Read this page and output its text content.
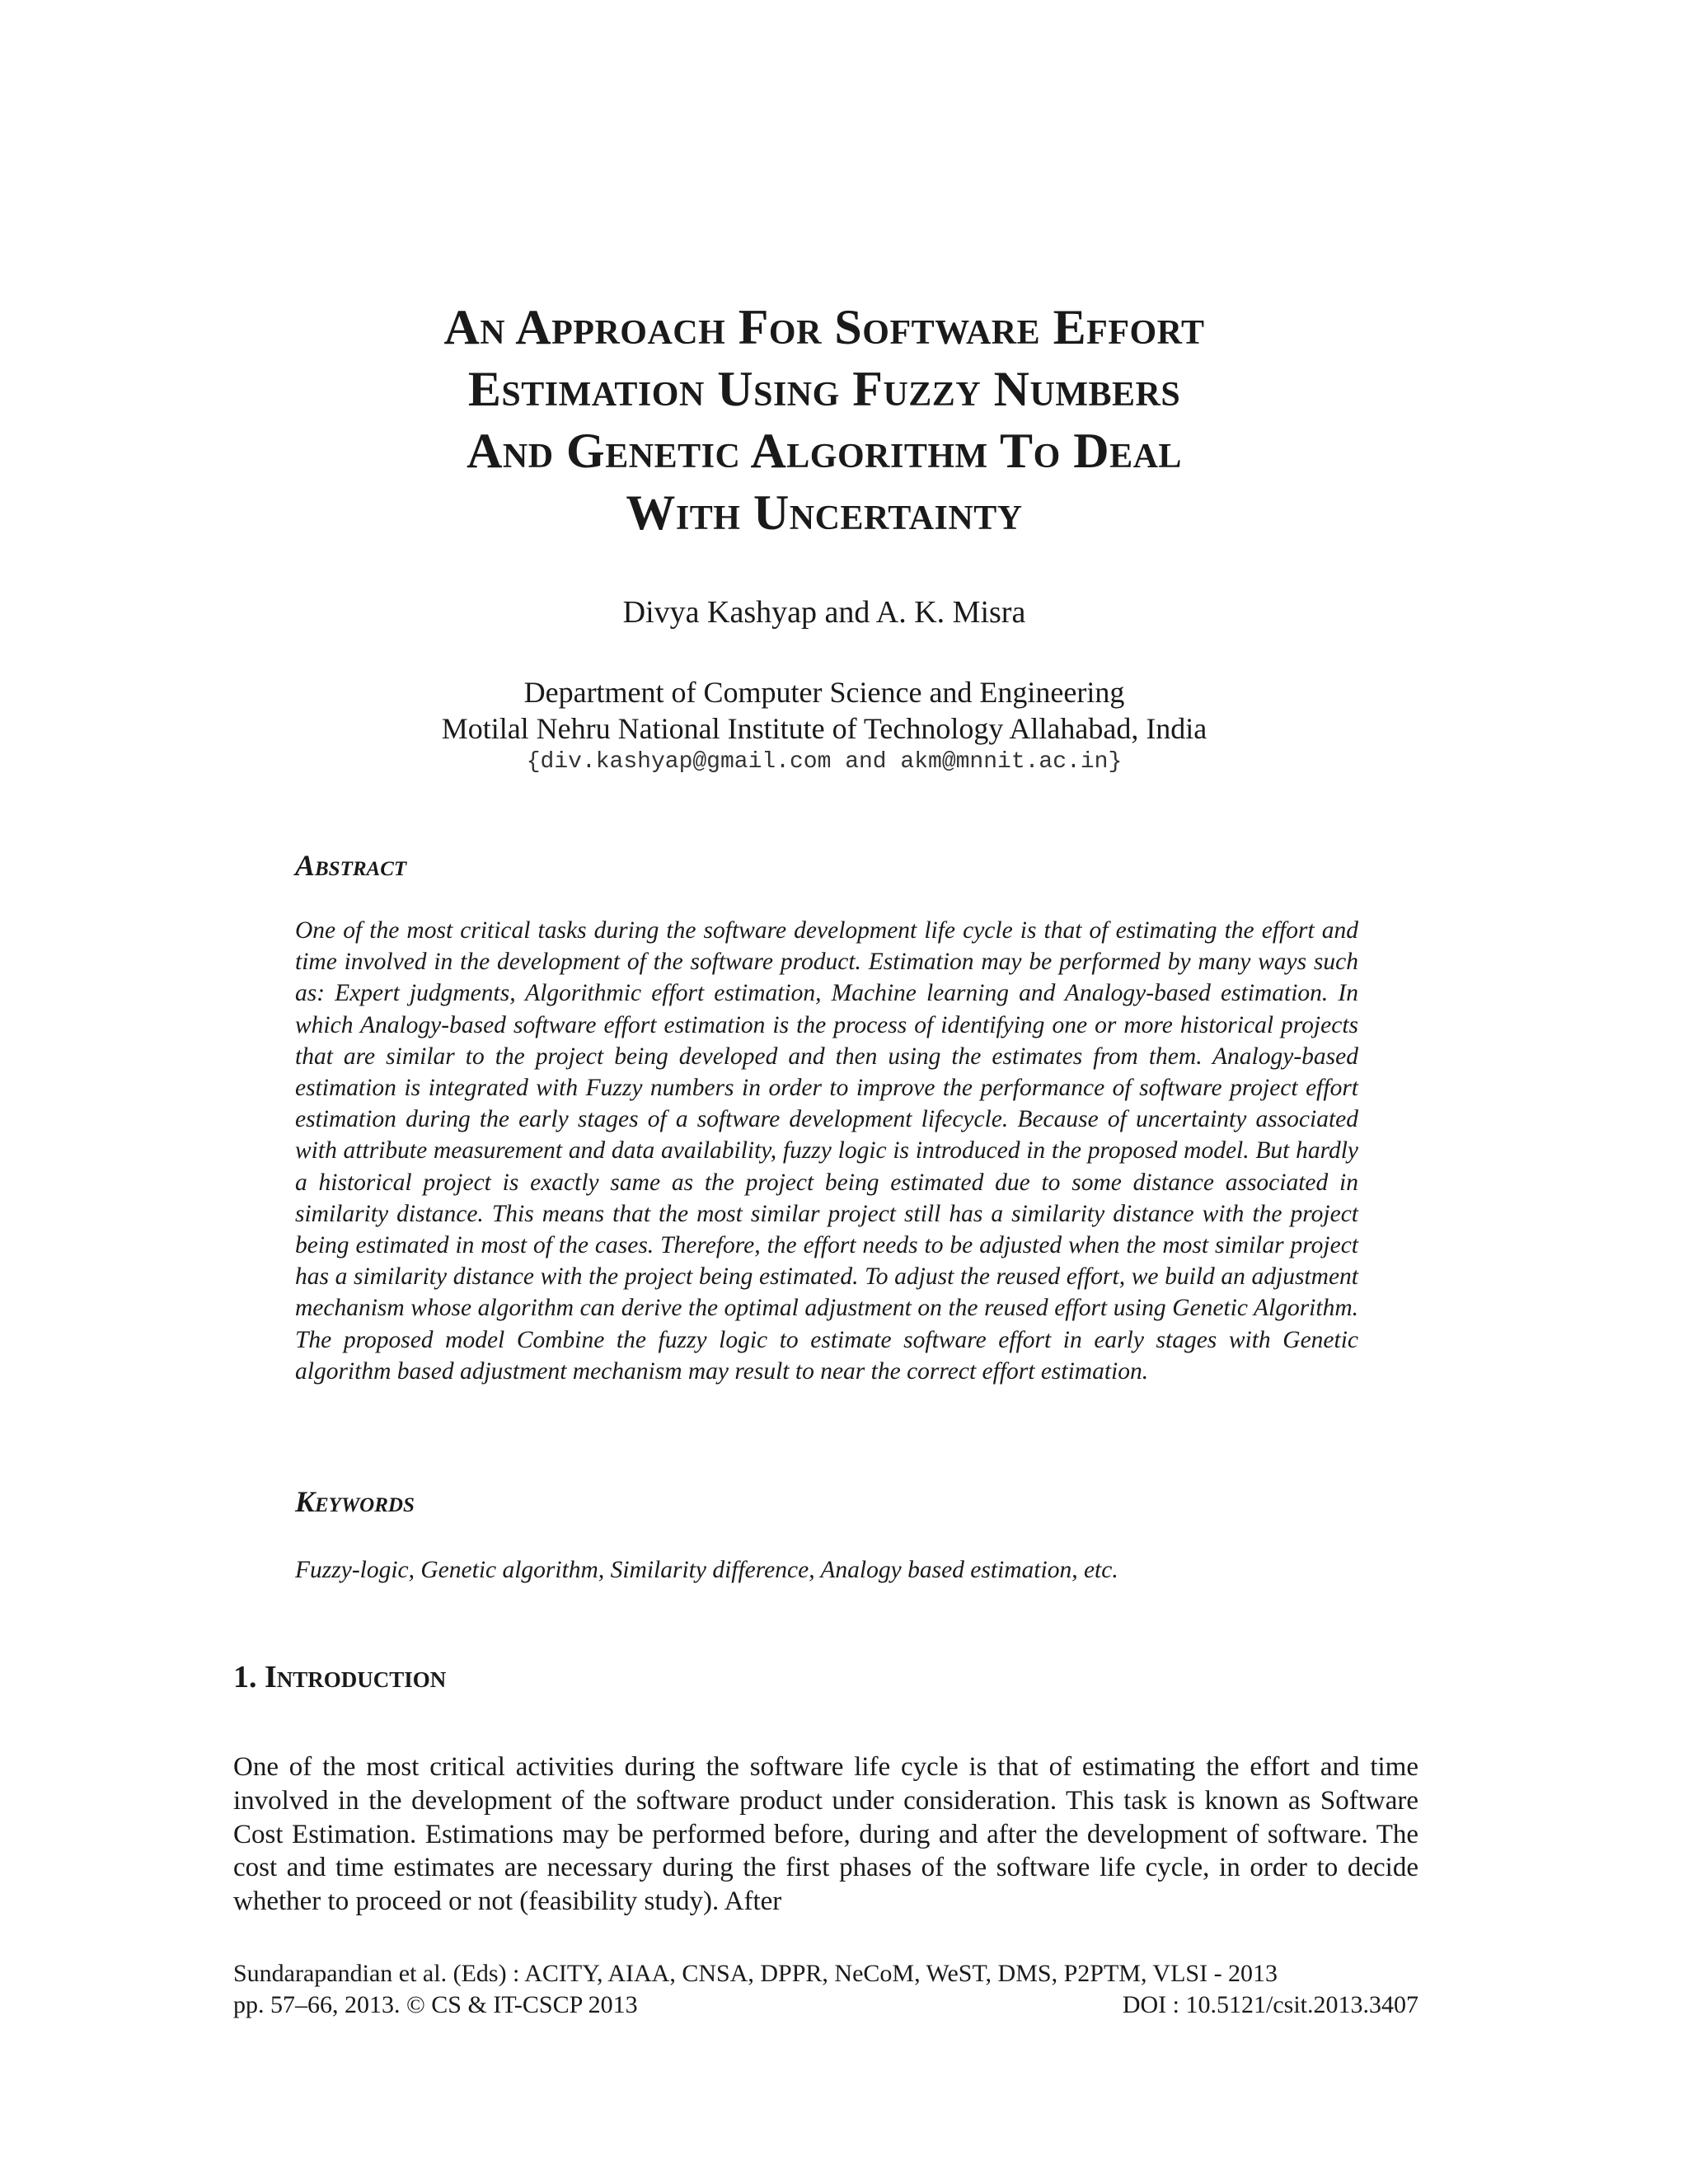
An Approach For Software Effort
Estimation Using Fuzzy Numbers
And Genetic Algorithm To Deal
With Uncertainty
Divya Kashyap and A. K. Misra
Department of Computer Science and Engineering
Motilal Nehru National Institute of Technology Allahabad, India
{div.kashyap@gmail.com and akm@mnnit.ac.in}
Abstract
One of the most critical tasks during the software development life cycle is that of estimating the effort and time involved in the development of the software product. Estimation may be performed by many ways such as: Expert judgments, Algorithmic effort estimation, Machine learning and Analogy-based estimation. In which Analogy-based software effort estimation is the process of identifying one or more historical projects that are similar to the project being developed and then using the estimates from them. Analogy-based estimation is integrated with Fuzzy numbers in order to improve the performance of software project effort estimation during the early stages of a software development lifecycle. Because of uncertainty associated with attribute measurement and data availability, fuzzy logic is introduced in the proposed model. But hardly a historical project is exactly same as the project being estimated due to some distance associated in similarity distance. This means that the most similar project still has a similarity distance with the project being estimated in most of the cases. Therefore, the effort needs to be adjusted when the most similar project has a similarity distance with the project being estimated. To adjust the reused effort, we build an adjustment mechanism whose algorithm can derive the optimal adjustment on the reused effort using Genetic Algorithm. The proposed model Combine the fuzzy logic to estimate software effort in early stages with Genetic algorithm based adjustment mechanism may result to near the correct effort estimation.
Keywords
Fuzzy-logic, Genetic algorithm, Similarity difference, Analogy based estimation, etc.
1. Introduction
One of the most critical activities during the software life cycle is that of estimating the effort and time involved in the development of the software product under consideration. This task is known as Software Cost Estimation. Estimations may be performed before, during and after the development of software. The cost and time estimates are necessary during the first phases of the software life cycle, in order to decide whether to proceed or not (feasibility study). After
Sundarapandian et al. (Eds) : ACITY, AIAA, CNSA, DPPR, NeCoM, WeST, DMS, P2PTM, VLSI - 2013
pp. 57–66, 2013. © CS & IT-CSCP 2013	DOI : 10.5121/csit.2013.3407
